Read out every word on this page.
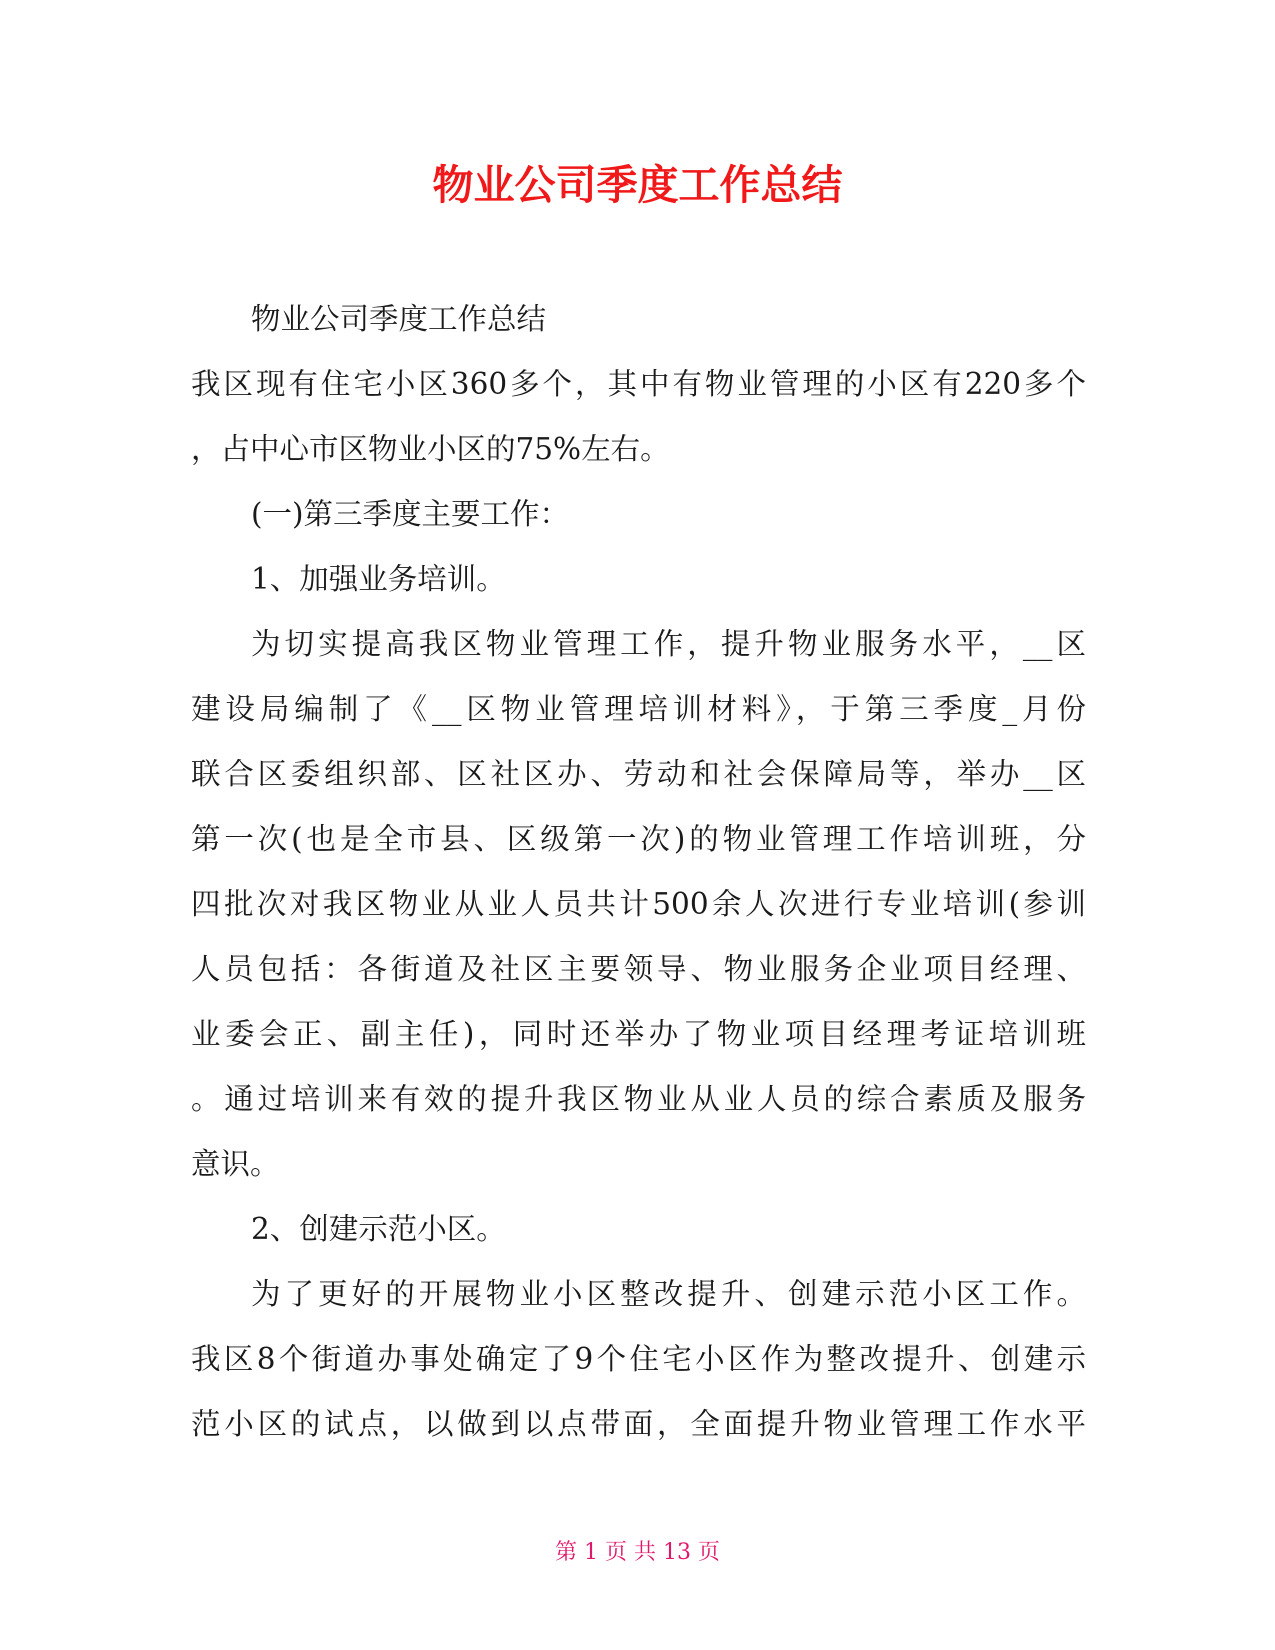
物业公司季度工作总结
物业公司季度工作总结
我区现有住宅小区360多个，其中有物业管理的小区有220多个
，占中心市区物业小区的75%左右。
(一)第三季度主要工作：
1、加强业务培训。
为切实提高我区物业管理工作，提升物业服务水平，__区
建设局编制了《__区物业管理培训材料》，于第三季度_月份
联合区委组织部、区社区办、劳动和社会保障局等，举办__区
第一次(也是全市县、区级第一次)的物业管理工作培训班，分
四批次对我区物业从业人员共计500余人次进行专业培训(参训
人员包括：各街道及社区主要领导、物业服务企业项目经理、
业委会正、副主任)，同时还举办了物业项目经理考证培训班
。通过培训来有效的提升我区物业从业人员的综合素质及服务
意识。
2、创建示范小区。
为了更好的开展物业小区整改提升、创建示范小区工作。
我区8个街道办事处确定了9个住宅小区作为整改提升、创建示
范小区的试点，以做到以点带面，全面提升物业管理工作水平
第 1 页 共 13 页
